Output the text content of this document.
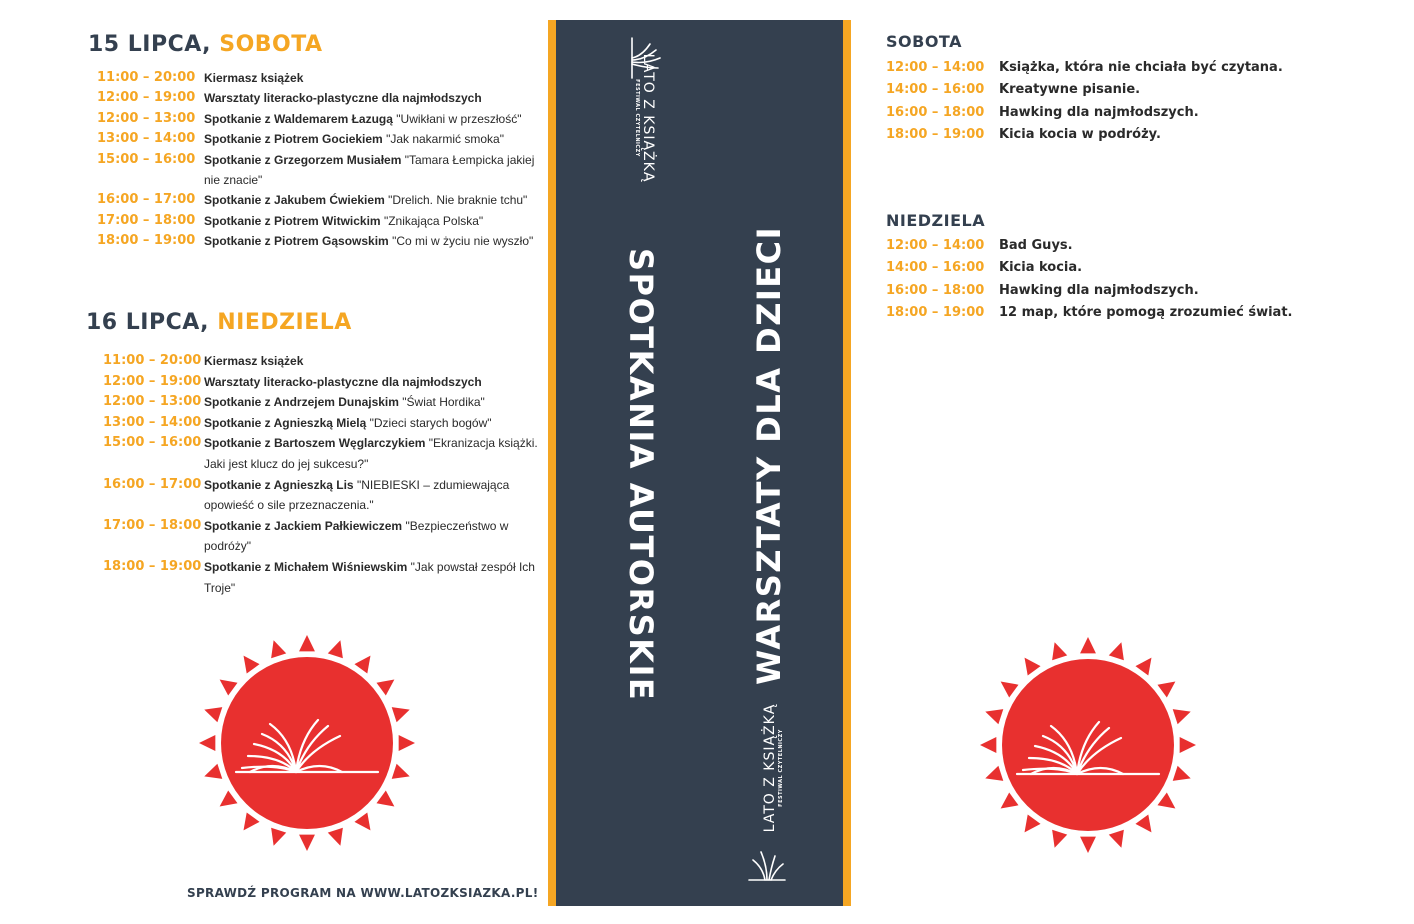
15 LIPCA, SOBOTA
11:00 – 20:00 Kiermasz książek
12:00 – 19:00 Warsztaty literacko-plastyczne dla najmłodszych
12:00 – 13:00 Spotkanie z Waldemarem Łazugą "Uwikłani w przeszłość"
13:00 – 14:00 Spotkanie z Piotrem Gociekiem "Jak nakarmić smoka"
15:00 – 16:00 Spotkanie z Grzegorzem Musiałem "Tamara Łempicka jakiej nie znacie"
16:00 – 17:00 Spotkanie z Jakubem Ćwiekiem "Drelich. Nie braknie tchu"
17:00 – 18:00 Spotkanie z Piotrem Witwickim "Znikająca Polska"
18:00 – 19:00 Spotkanie z Piotrem Gąsowskim "Co mi w życiu nie wyszło"
16 LIPCA, NIEDZIELA
11:00 – 20:00 Kiermasz książek
12:00 – 19:00 Warsztaty literacko-plastyczne dla najmłodszych
12:00 – 13:00 Spotkanie z Andrzejem Dunajskim "Świat Hordika"
13:00 – 14:00 Spotkanie z Agnieszką Mielą "Dzieci starych bogów"
15:00 – 16:00 Spotkanie z Bartoszem Węglarczykiem "Ekranizacja książki. Jaki jest klucz do jej sukcesu?"
16:00 – 17:00 Spotkanie z Agnieszką Lis "NIEBIESKI – zdumiewająca opowieść o sile przeznaczenia."
17:00 – 18:00 Spotkanie z Jackiem Pałkiewiczem "Bezpieczeństwo w podróży"
18:00 – 19:00 Spotkanie z Michałem Wiśniewskim "Jak powstał zespół Ich Troje"
SPRAWDŹ PROGRAM NA WWW.LATOZKSIAZKA.PL!
LATO Z KSIĄŻKĄ
FESTIWAL CZYTELNICZY
SPOTKANIA AUTORSKIE	WARSZTATY DLA DZIECI
LATO Z KSIĄŻKĄ FESTIWAL CZYTELNICZY
SOBOTA
12:00 – 14:00 Książka, która nie chciała być czytana.
14:00 – 16:00 Kreatywne pisanie.
16:00 – 18:00 Hawking dla najmłodszych.
18:00 – 19:00 Kicia kocia w podróży.
NIEDZIELA
12:00 – 14:00 Bad Guys.
14:00 – 16:00 Kicia kocia.
16:00 – 18:00 Hawking dla najmłodszych.
18:00 – 19:00 12 map, które pomogą zrozumieć świat.
